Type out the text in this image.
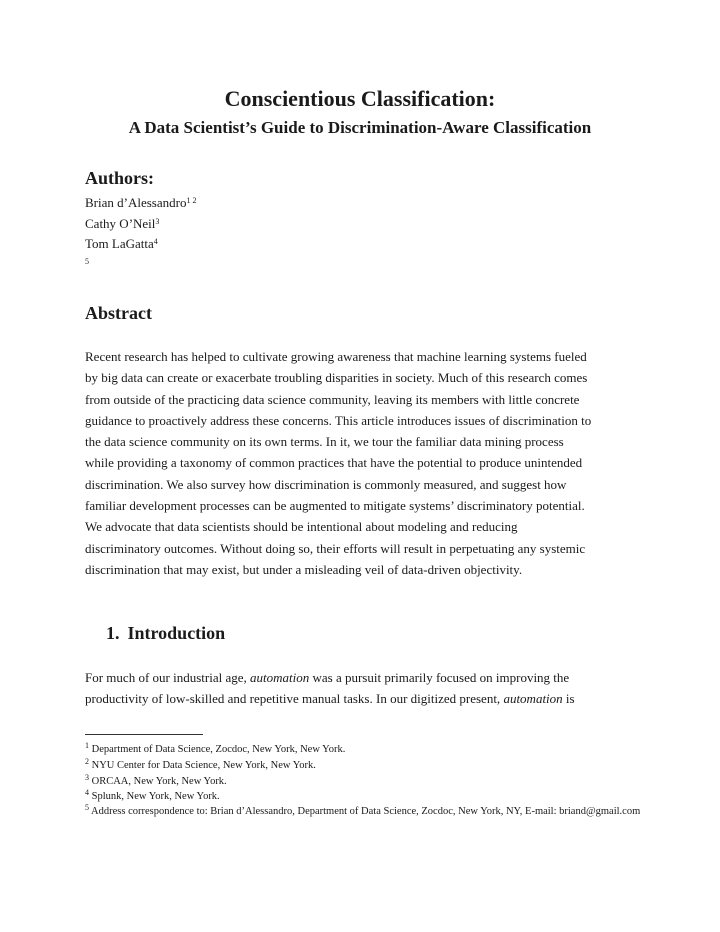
Conscientious Classification:
A Data Scientist’s Guide to Discrimination-Aware Classification
Authors:
Brian d’Alessandro$^{1 2}$
Cathy O’Neil$^3$
Tom LaGatta$^4$
5
Abstract
Recent research has helped to cultivate growing awareness that machine learning systems fueled
by big data can create or exacerbate troubling disparities in society. Much of this research comes
from outside of the practicing data science community, leaving its members with little concrete
guidance to proactively address these concerns. This article introduces issues of discrimination to
the data science community on its own terms. In it, we tour the familiar data mining process
while providing a taxonomy of common practices that have the potential to produce unintended
discrimination. We also survey how discrimination is commonly measured, and suggest how
familiar development processes can be augmented to mitigate systems’ discriminatory potential.
We advocate that data scientists should be intentional about modeling and reducing
discriminatory outcomes. Without doing so, their efforts will result in perpetuating any systemic
discrimination that may exist, but under a misleading veil of data-driven objectivity.
1. Introduction
For much of our industrial age, automation was a pursuit primarily focused on improving the
productivity of low-skilled and repetitive manual tasks. In our digitized present, automation is
$^1$ Department of Data Science, Zocdoc, New York, New York.
$^2$ NYU Center for Data Science, New York, New York.
$^3$ ORCAA, New York, New York.
$^4$ Splunk, New York, New York.
$^5$ Address correspondence to: Brian d’Alessandro, Department of Data Science, Zocdoc, New York, NY, E-mail: briand@gmail.com
